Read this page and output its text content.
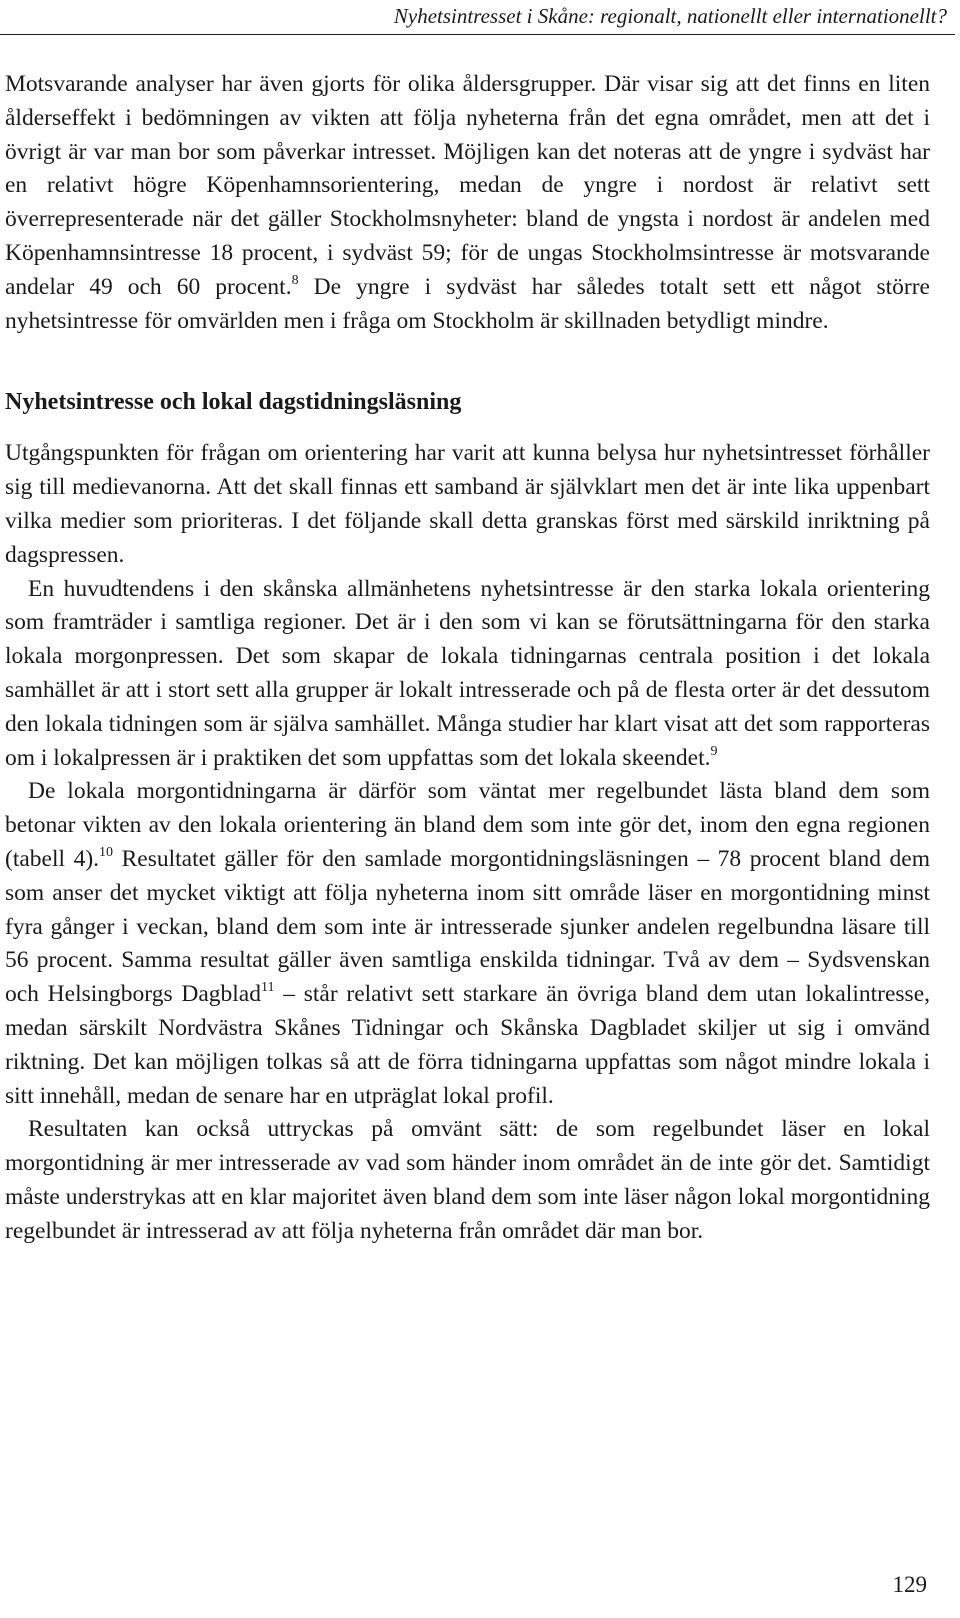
Nyhetsintresset i Skåne: regionalt, nationellt eller internationellt?

Motsvarande analyser har även gjorts för olika åldersgrupper. Där visar sig att det finns en liten ålderseffekt i bedömningen av vikten att följa nyheterna från det egna området, men att det i övrigt är var man bor som påverkar intresset. Möjligen kan det noteras att de yngre i sydväst har en relativt högre Köpenhamnsorientering, medan de yngre i nordost är relativt sett överrepresenterade när det gäller Stockholmsnyheter: bland de yngsta i nordost är andelen med Köpenhamnsintresse 18 procent, i sydväst 59; för de ungas Stockholmsintresse är motsvarande andelar 49 och 60 procent.$^8$ De yngre i sydväst har således totalt sett ett något större nyhetsintresse för omvärlden men i fråga om Stockholm är skillnaden betydligt mindre.

Nyhetsintresse och lokal dagstidningsläsning

Utgångspunkten för frågan om orientering har varit att kunna belysa hur nyhetsintresset förhåller sig till medievanorna. Att det skall finnas ett samband är självklart men det är inte lika uppenbart vilka medier som prioriteras. I det följande skall detta granskas först med särskild inriktning på dagspressen.

En huvudtendens i den skånska allmänhetens nyhetsintresse är den starka lokala orientering som framträder i samtliga regioner. Det är i den som vi kan se förutsättningarna för den starka lokala morgonpressen. Det som skapar de lokala tidningarnas centrala position i det lokala samhället är att i stort sett alla grupper är lokalt intresserade och på de flesta orter är det dessutom den lokala tidningen som är själva samhället. Många studier har klart visat att det som rapporteras om i lokalpressen är i praktiken det som uppfattas som det lokala skeendet.$^9$

De lokala morgontidningarna är därför som väntat mer regelbundet lästa bland dem som betonar vikten av den lokala orientering än bland dem som inte gör det, inom den egna regionen (tabell 4).$^{10}$ Resultatet gäller för den samlade morgontidningsläsningen – 78 procent bland dem som anser det mycket viktigt att följa nyheterna inom sitt område läser en morgontidning minst fyra gånger i veckan, bland dem som inte är intresserade sjunker andelen regelbundna läsare till 56 procent. Samma resultat gäller även samtliga enskilda tidningar. Två av dem – Sydsvenskan och Helsingborgs Dagblad$^{11}$ – står relativt sett starkare än övriga bland dem utan lokalintresse, medan särskilt Nordvästra Skånes Tidningar och Skånska Dagbladet skiljer ut sig i omvänd riktning. Det kan möjligen tolkas så att de förra tidningarna uppfattas som något mindre lokala i sitt innehåll, medan de senare har en utpräglat lokal profil.

Resultaten kan också uttryckas på omvänt sätt: de som regelbundet läser en lokal morgontidning är mer intresserade av vad som händer inom området än de inte gör det. Samtidigt måste understrykas att en klar majoritet även bland dem som inte läser någon lokal morgontidning regelbundet är intresserad av att följa nyheterna från området där man bor.

129
